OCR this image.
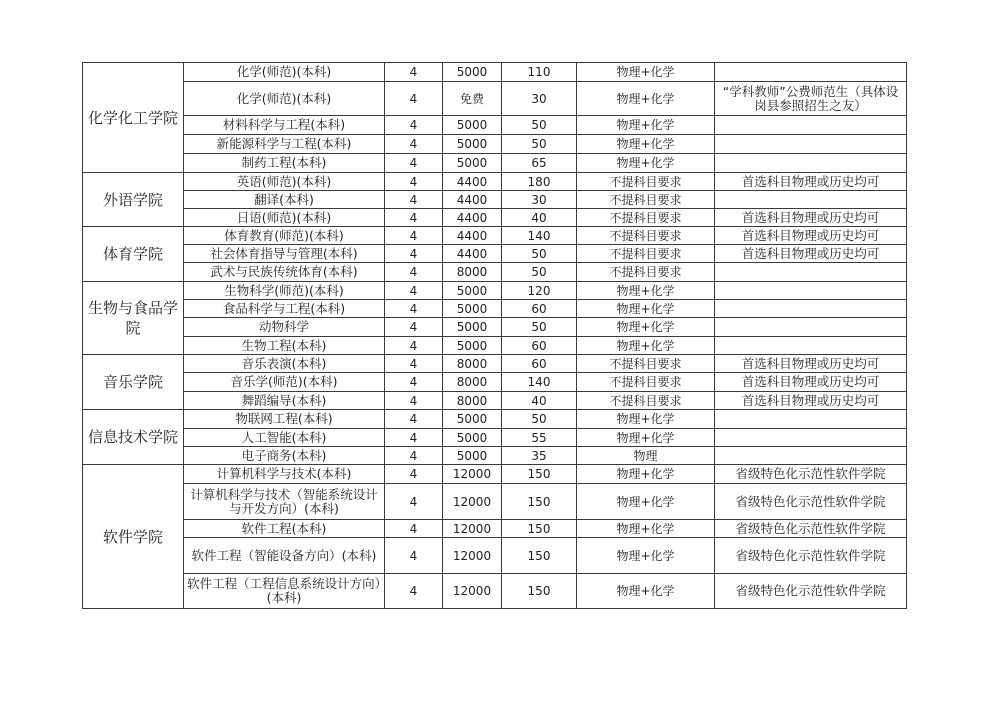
化学化工学院	化学(师范)(本科)	4	5000	110	物理+化学	
	化学(师范)(本科)	4	免费	30	物理+化学	“学科教师”公费师范生（具体设岗县参照招生之友）
	材料科学与工程(本科)	4	5000	50	物理+化学	
	新能源科学与工程(本科)	4	5000	50	物理+化学	
	制药工程(本科)	4	5000	65	物理+化学	
外语学院	英语(师范)(本科)	4	4400	180	不提科目要求	首选科目物理或历史均可
	翻译(本科)	4	4400	30	不提科目要求	
	日语(师范)(本科)	4	4400	40	不提科目要求	首选科目物理或历史均可
体育学院	体育教育(师范)(本科)	4	4400	140	不提科目要求	首选科目物理或历史均可
	社会体育指导与管理(本科)	4	4400	50	不提科目要求	首选科目物理或历史均可
	武术与民族传统体育(本科)	4	8000	50	不提科目要求	
生物与食品学院	生物科学(师范)(本科)	4	5000	120	物理+化学	
	食品科学与工程(本科)	4	5000	60	物理+化学	
	动物科学	4	5000	50	物理+化学	
	生物工程(本科)	4	5000	60	物理+化学	
音乐学院	音乐表演(本科)	4	8000	60	不提科目要求	首选科目物理或历史均可
	音乐学(师范)(本科)	4	8000	140	不提科目要求	首选科目物理或历史均可
	舞蹈编导(本科)	4	8000	40	不提科目要求	首选科目物理或历史均可
信息技术学院	物联网工程(本科)	4	5000	50	物理+化学	
	人工智能(本科)	4	5000	55	物理+化学	
	电子商务(本科)	4	5000	35	物理	
软件学院	计算机科学与技术(本科)	4	12000	150	物理+化学	省级特色化示范性软件学院
	计算机科学与技术（智能系统设计与开发方向）(本科)	4	12000	150	物理+化学	省级特色化示范性软件学院
	软件工程(本科)	4	12000	150	物理+化学	省级特色化示范性软件学院
	软件工程（智能设备方向）(本科)	4	12000	150	物理+化学	省级特色化示范性软件学院
	软件工程（工程信息系统设计方向）(本科)	4	12000	150	物理+化学	省级特色化示范性软件学院
